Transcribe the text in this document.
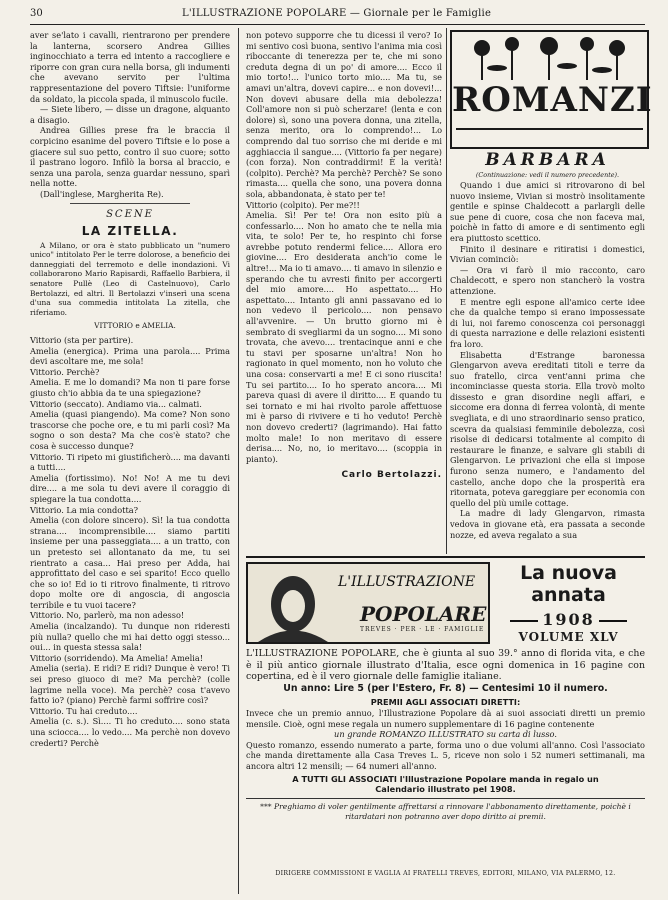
30	L'ILLUSTRAZIONE POPOLARE — Giornale per le Famiglie

aver se'lato i cavalli, rientrarono per prendere la lanterna, scorsero Andrea Gillies inginocchiato a terra ed intento a raccogliere e riporre con gran cura nella borsa, gli indumenti che avevano servito per l'ultima rappresentazione del povero Tiftsie: l'uniforme da soldato, la piccola spada, il minuscolo fucile.

— Siete libero, — disse un dragone, alquanto a disagio.

Andrea Gillies prese fra le braccia il corpicino esanime del povero Tiftsie e lo pose a giacere sul suo petto, contro il suo cuore; sotto il pastrano logoro. Infilò la borsa al braccio, e senza una parola, senza guardar nessuno, sparì nella notte.

(Dall'inglese, Margherita Re).

SCENE
LA ZITELLA.

A Milano, or ora è stato pubblicato un "numero unico" intitolato Per le terre dolorose, a beneficio dei danneggiati del terremoto e delle inondazioni. Vi collaborarono Mario Rapisardi, Raffaello Barbiera, il senatore Pullè (Leo di Castelnuovo), Carlo Bertolazzi, ed altri. Il Bertolazzi v'inserì una scena d'una sua commedia intitolata La zitella, che riferiamo.

VITTORIO e AMELIA.

Vittorio (sta per partire).

Amelia (energica). Prima una parola.... Prima devi ascoltare me, me sola!

Vittorio. Perchè?

Amelia. E me lo domandi? Ma non ti pare forse giusto ch'io abbia da te una spiegazione?

Vittorio (seccato). Andiamo via... calmati.

Amelia (quasi piangendo). Ma come? Non sono trascorse che poche ore, e tu mi parli così? Ma sogno o son desta? Ma che cos'è stato? che cosa è successo dunque?

Vittorio. Ti ripeto mi giustificherò.... ma davanti a tutti....

Amelia (fortissimo). No! No! A me tu devi dire.... a me sola tu devi avere il coraggio di spiegare la tua condotta....

Vittorio. La mia condotta?

Amelia (con dolore sincero). Sì! la tua condotta strana.... incomprensibile.... siamo partiti insieme per una passeggiata.... a un tratto, con un pretesto sei allontanato da me, tu sei rientrato a casa... Hai preso per Adda, hai approfittato del caso e sei sparito! Ecco quello che so io! Ed io ti ritrovo finalmente, ti ritrovo dopo molte ore di angoscia, di angoscia terribile e tu vuoi tacere?

Vittorio. No, parlerò, ma non adesso!

Amelia (incalzando). Tu dunque non rideresti più nulla? quello che mi hai detto oggi stesso... oui... in questa stessa sala!

Vittorio (sorridendo). Ma Amelia! Amelia!

Amelia (seria). E ridi? E ridi? Dunque è vero! Ti sei preso giuoco di me? Ma perchè? (colle lagrime nella voce). Ma perchè? cosa t'avevo fatto io? (piano) Perchè farmi soffrire così?

Vittorio. Tu hai creduto....

Amelia (c. s.). Sì.... Ti ho creduto.... sono stata una sciocca.... lo vedo.... Ma perchè non dovevo crederti? Perchè

non potevo supporre che tu dicessi il vero? Io mi sentivo così buona, sentivo l'anima mia così riboccante di tenerezza per te, che mi sono creduta degna di un po' di amore.... Ecco il mio torto!... l'unico torto mio.... Ma tu, se amavi un'altra, dovevi capire... e non dovevi!... Non dovevi abusare della mia debolezza! Coll'amore non si può scherzare! (lenta e con dolore) sì, sono una povera donna, una zitella, senza merito, ora lo comprendo!... Lo comprendo dal tuo sorriso che mi deride e mi agghiaccia il sangue.... (Vittorio fa per negare) (con forza). Non contraddirmi! È la verità! (colpito). Perchè? Ma perchè? Perchè? Se sono rimasta.... quella che sono, una povera donna sola, abbandonata, è stato per te!

Vittorio (colpito). Per me?!!

Amelia. Sì! Per te! Ora non esito più a confessarlo.... Non ho amato che te nella mia vita, te solo! Per te, ho respinto chi forse avrebbe potuto rendermi felice.... Allora ero giovine.... Ero desiderata anch'io come le altre!... Ma io ti amavo.... ti amavo in silenzio e sperando che tu avresti finito per accorgerti del mio amore.... Ho aspettato.... Ho aspettato.... Intanto gli anni passavano ed io non vedevo il pericolo.... non pensavo all'avvenire. — Un brutto giorno mi è sembrato di svegliarmi da un sogno.... Mi sono trovata, che avevo.... trentacinque anni e che tu stavi per sposarne un'altra! Non ho ragionato in quel momento, non ho voluto che una cosa: conservarti a me! E ci sono riuscita! Tu sei partito.... Io ho sperato ancora.... Mi pareva quasi di avere il diritto.... E quando tu sei tornato e mi hai rivolto parole affettuose mi è parso di rivivere e ti ho veduto! Perchè non dovevo crederti? (lagrimando). Hai fatto molto male! Io non meritavo di essere derisa.... No, no, io meritavo.... (scoppia in pianto).

Carlo Bertolazzi.
ROMANZI
BARBARA
(Continuazione: vedi il numero precedente).

Quando i due amici si ritrovarono di bel nuovo insieme, Vivian si mostrò insolitamente gentile e spinse Chaldecott a parlargli delle sue pene di cuore, cosa che non faceva mai, poichè in fatto di amore e di sentimento egli era piuttosto scettico.

Finito il desinare e ritiratisi i domestici, Vivian cominciò:

— Ora vi farò il mio racconto, caro Chaldecott, e spero non stancherò la vostra attenzione.

E mentre egli espone all'amico certe idee che da qualche tempo si erano impossessate di lui, noi faremo conoscenza coi personaggi di questa narrazione e delle relazioni esistenti fra loro.

Elisabetta d'Estrange baronessa Glengarvon aveva ereditati titoli e terre da suo fratello, circa vent'anni prima che incominciasse questa storia. Ella trovò molto dissesto e gran disordine negli affari, e siccome era donna di ferrea volontà, di mente svegliata, e di uno straordinario senso pratico, scevra da qualsiasi femminile debolezza, così risolse di dedicarsi totalmente al compito di restaurare le finanze, e salvare gli stabili di Glengarvon. Le privazioni che ella si impose furono senza numero, e l'andamento del castello, anche dopo che la prosperità era ritornata, poteva gareggiare per economia con quello del più umile cottage.

La madre di lady Glengarvon, rimasta vedova in giovane età, era passata a seconde nozze, ed aveva regalato a sua

L'ILLUSTRAZIONE
POPOLARE
TREVES · PER · LE · FAMIGLIE
La nuova annata
1908
VOLUME XLV

L'ILLUSTRAZIONE POPOLARE, che è giunta al suo 39.° anno di florida vita, e che è il più antico giornale illustrato d'Italia, esce ogni domenica in 16 pagine con copertina, ed è il vero giornale delle famiglie italiane.

Un anno: Lire 5 (per l'Estero, Fr. 8) — Centesimi 10 il numero.

PREMII AGLI ASSOCIATI DIRETTI:

Invece che un premio annuo, l'Illustrazione Popolare dà ai suoi associati diretti un premio mensile. Cioè, ogni mese regala un numero supplementare di 16 pagine contenente

un grande ROMANZO ILLUSTRATO su carta di lusso.

Questo romanzo, essendo numerato a parte, forma uno o due volumi all'anno. Così l'associato che manda direttamente alla Casa Treves L. 5, riceve non solo i 52 numeri settimanali, ma ancora altri 12 mensili; — 64 numeri all'anno.

A TUTTI GLI ASSOCIATI l'Illustrazione Popolare manda in regalo un

Calendario illustrato pel 1908.

*** Preghiamo di voler gentilmente affrettarsi a rinnovare l'abbonamento direttamente, poichè i ritardatari non potranno aver dopo diritto ai premii.

DIRIGERE COMMISSIONI E VAGLIA AI FRATELLI TREVES, EDITORI, MILANO, VIA PALERMO, 12.
